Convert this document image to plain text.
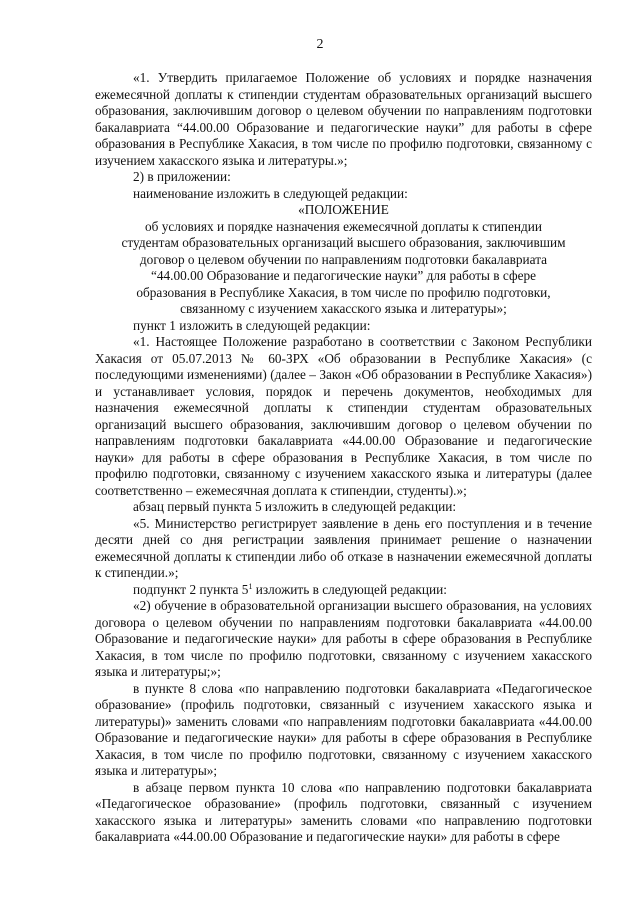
2

«1. Утвердить прилагаемое Положение об условиях и порядке назначения ежемесячной доплаты к стипендии студентам образовательных организаций высшего образования, заключившим договор о целевом обучении по направлениям подготовки бакалавриата “44.00.00 Образование и педагогические науки” для работы в сфере образования в Республике Хакасия, в том числе по профилю подготовки, связанному с изучением хакасского языка и литературы.»;

2) в приложении:

наименование изложить в следующей редакции:

«ПОЛОЖЕНИЕ

об условиях и порядке назначения ежемесячной доплаты к стипендии

студентам образовательных организаций высшего образования, заключившим

договор о целевом обучении по направлениям подготовки бакалавриата

“44.00.00 Образование и педагогические науки” для работы в сфере

образования в Республике Хакасия, в том числе по профилю подготовки,

связанному с изучением хакасского языка и литературы»;

пункт 1 изложить в следующей редакции:

«1. Настоящее Положение разработано в соответствии с Законом Республики Хакасия от 05.07.2013 № 60-ЗРХ «Об образовании в Республике Хакасия» (с последующими изменениями) (далее – Закон «Об образовании в Республике Хакасия») и устанавливает условия, порядок и перечень документов, необходимых для назначения ежемесячной доплаты к стипендии студентам образовательных организаций высшего образования, заключившим договор о целевом обучении по направлениям подготовки бакалавриата «44.00.00 Образование и педагогические науки» для работы в сфере образования в Республике Хакасия, в том числе по профилю подготовки, связанному с изучением хакасского языка и литературы (далее соответственно – ежемесячная доплата к стипендии, студенты).»;

абзац первый пункта 5 изложить в следующей редакции:

«5. Министерство регистрирует заявление в день его поступления и в течение десяти дней со дня регистрации заявления принимает решение о назначении ежемесячной доплаты к стипендии либо об отказе в назначении ежемесячной доплаты к стипендии.»;

подпункт 2 пункта $5^1$ изложить в следующей редакции:

«2) обучение в образовательной организации высшего образования, на условиях договора о целевом обучении по направлениям подготовки бакалавриата «44.00.00 Образование и педагогические науки» для работы в сфере образования в Республике Хакасия, в том числе по профилю подготовки, связанному с изучением хакасского языка и литературы;»;

в пункте 8 слова «по направлению подготовки бакалавриата «Педагогическое образование» (профиль подготовки, связанный с изучением хакасского языка и литературы)» заменить словами «по направлениям подготовки бакалавриата «44.00.00 Образование и педагогические науки» для работы в сфере образования в Республике Хакасия, в том числе по профилю подготовки, связанному с изучением хакасского языка и литературы»;

в абзаце первом пункта 10 слова «по направлению подготовки бакалавриата «Педагогическое образование» (профиль подготовки, связанный с изучением хакасского языка и литературы» заменить словами «по направлению подготовки бакалавриата «44.00.00 Образование и педагогические науки» для работы в сфере
